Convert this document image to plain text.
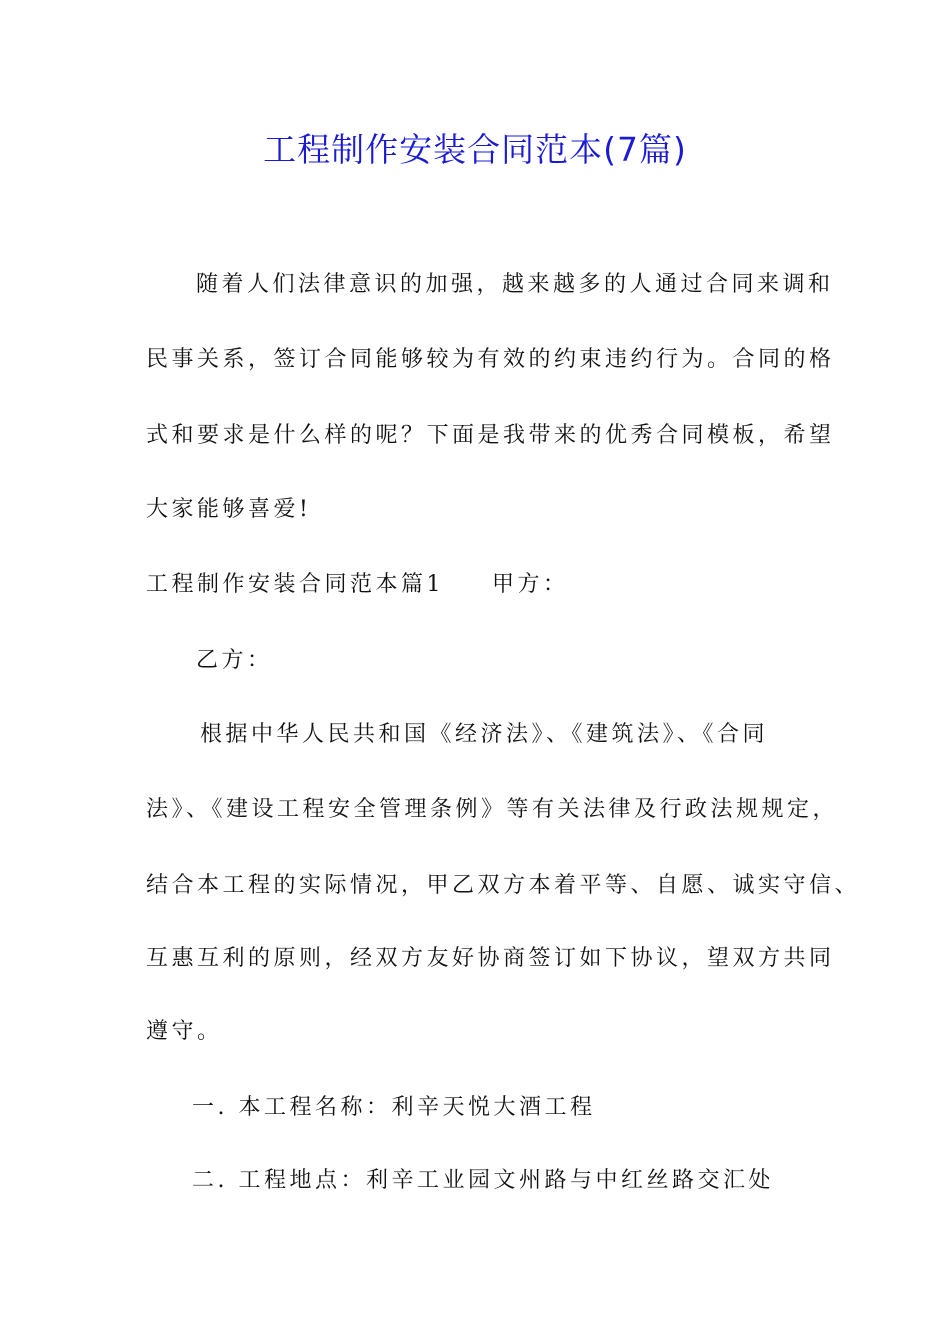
工程制作安装合同范本(7篇)
随着人们法律意识的加强，越来越多的人通过合同来调和
民事关系，签订合同能够较为有效的约束违约行为。合同的格
式和要求是什么样的呢？下面是我带来的优秀合同模板，希望
大家能够喜爱!
工程制作安装合同范本篇1 甲方：
乙方：
根据中华人民共和国《经济法》、《建筑法》、《合同
法》、《建设工程安全管理条例》等有关法律及行政法规规定，
结合本工程的实际情况，甲乙双方本着平等、自愿、诚实守信、
互惠互利的原则，经双方友好协商签订如下协议，望双方共同
遵守。
一. 本工程名称：利辛天悦大酒工程
二. 工程地点：利辛工业园文州路与中红丝路交汇处
